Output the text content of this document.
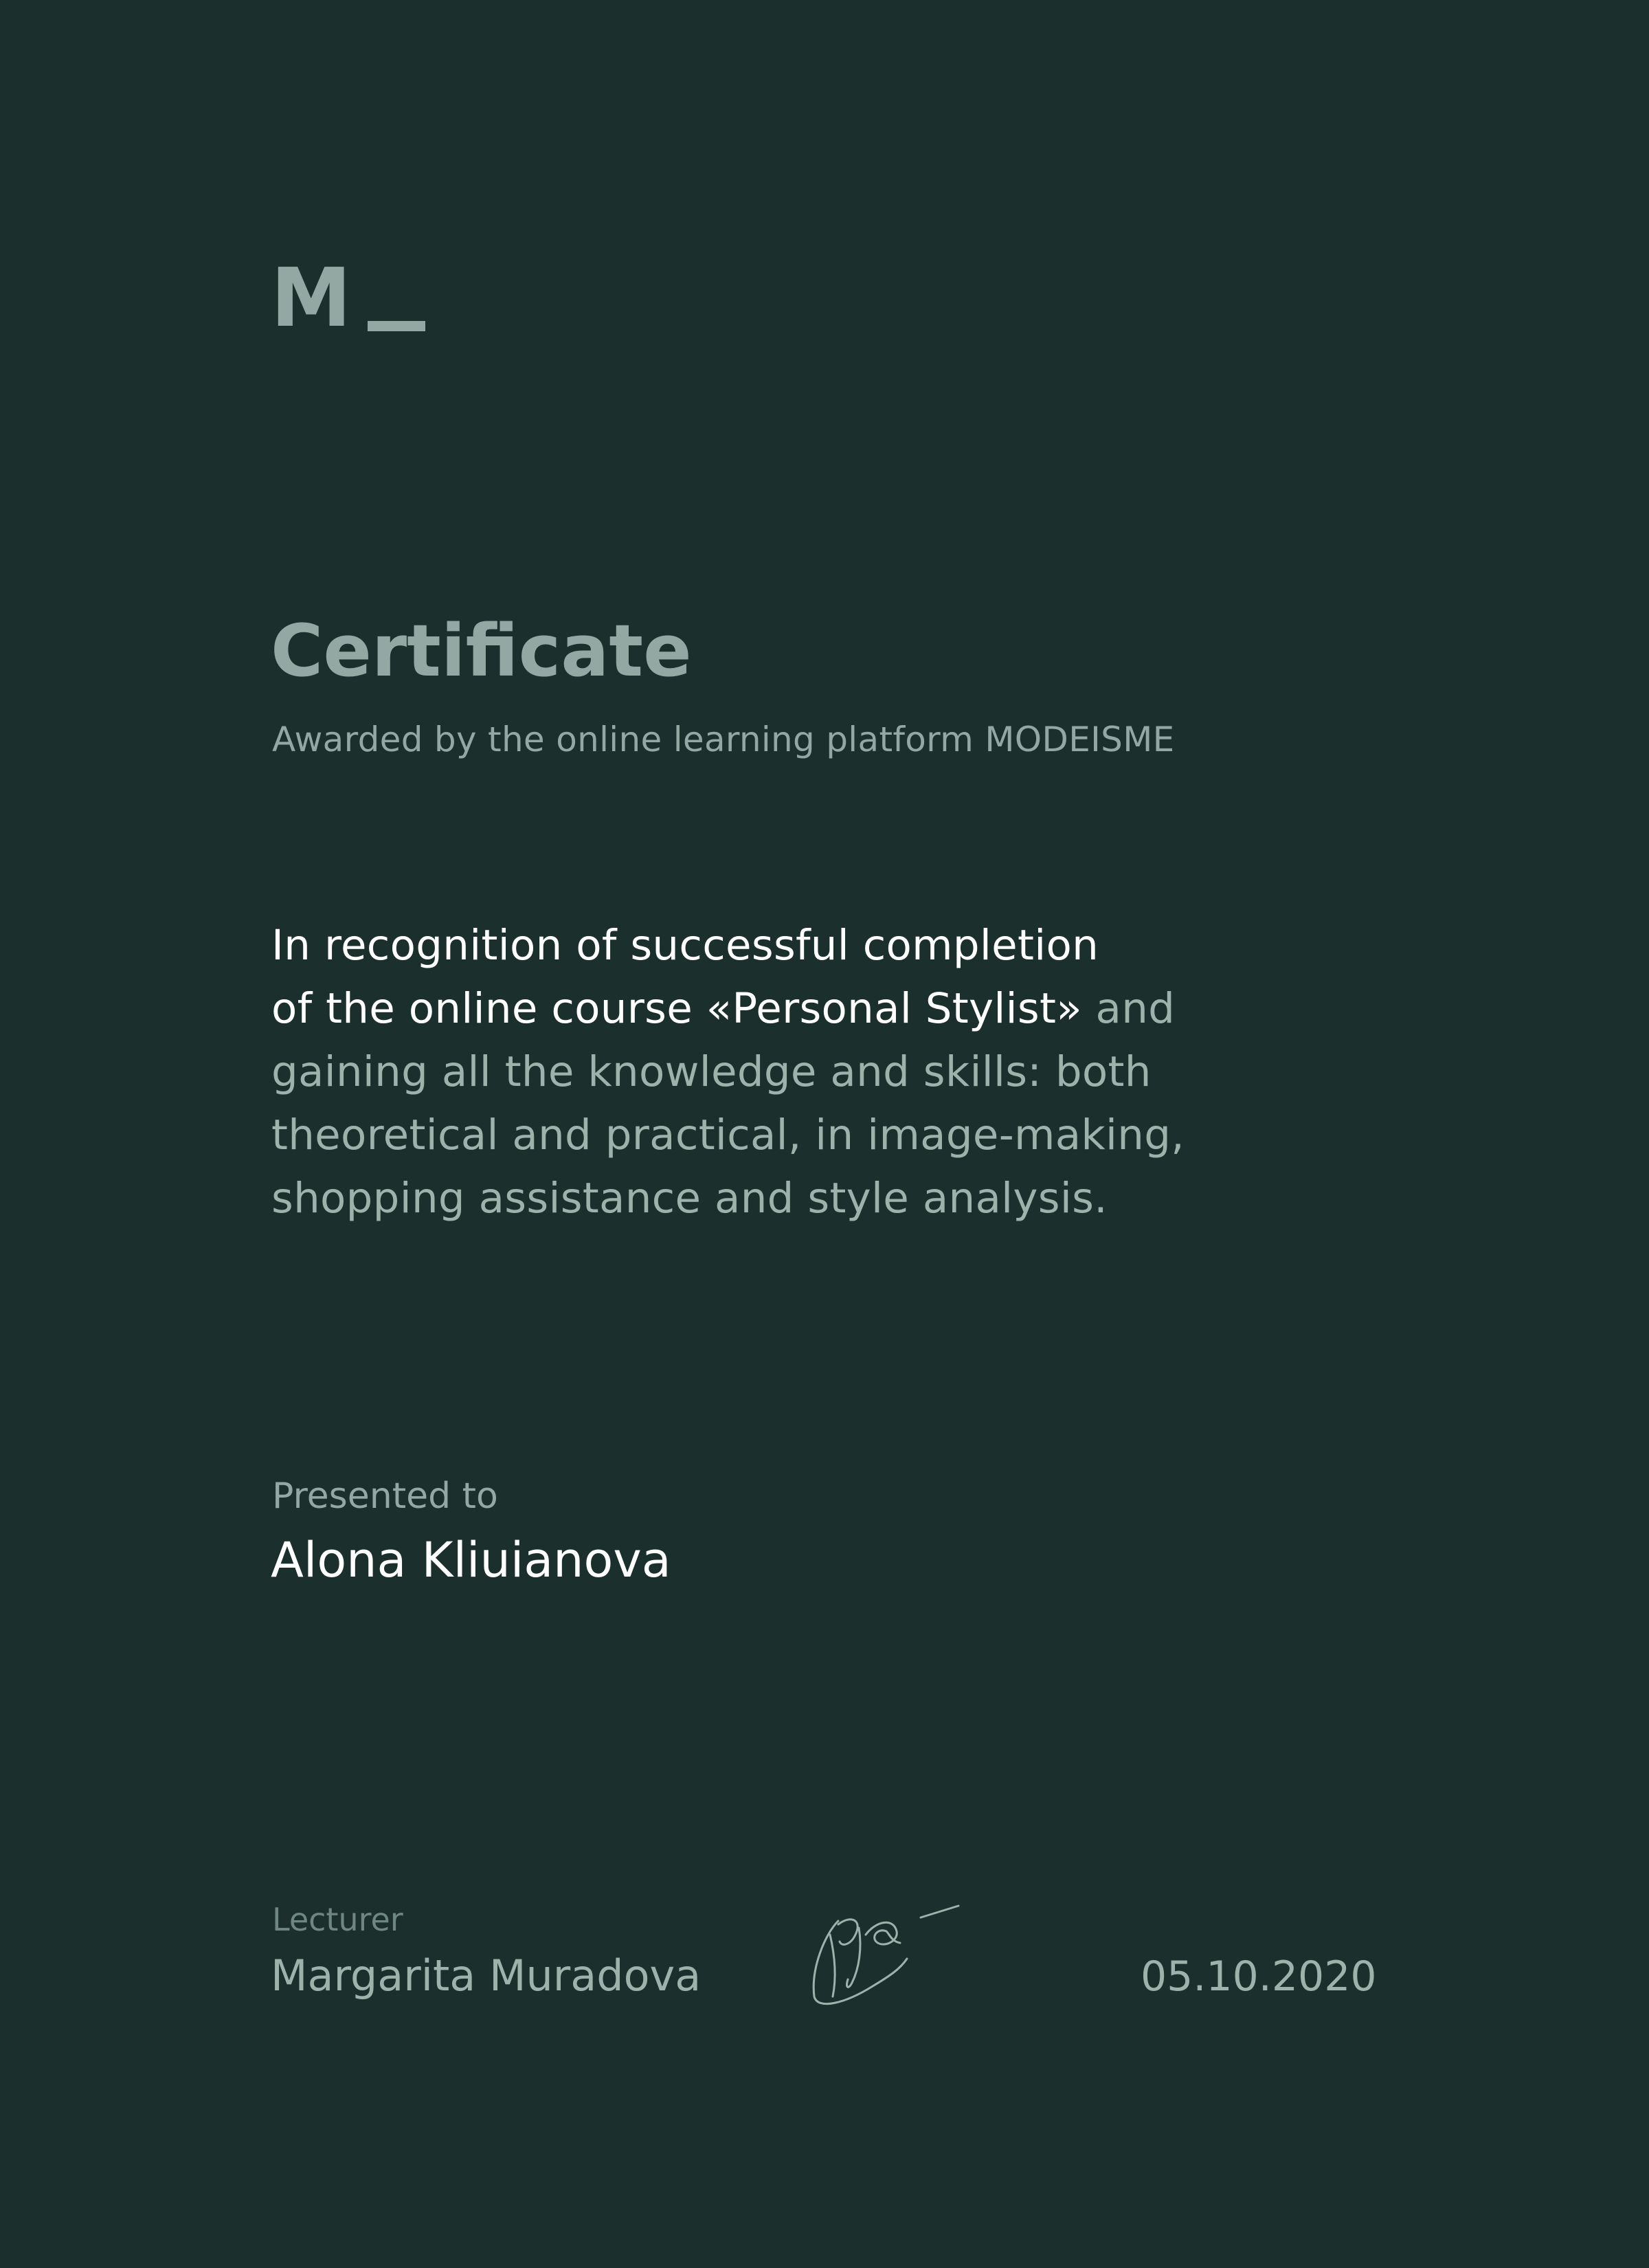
M
Certificate
Awarded by the online learning platform MODEISME
In recognition of successful completion
of the online course «Personal Stylist» and gaining all the knowledge and skills: both theoretical and practical, in image-making, shopping assistance and style analysis.
Presented to
Alona Kliuianova
Lecturer
Margarita Muradova	05.10.2020
